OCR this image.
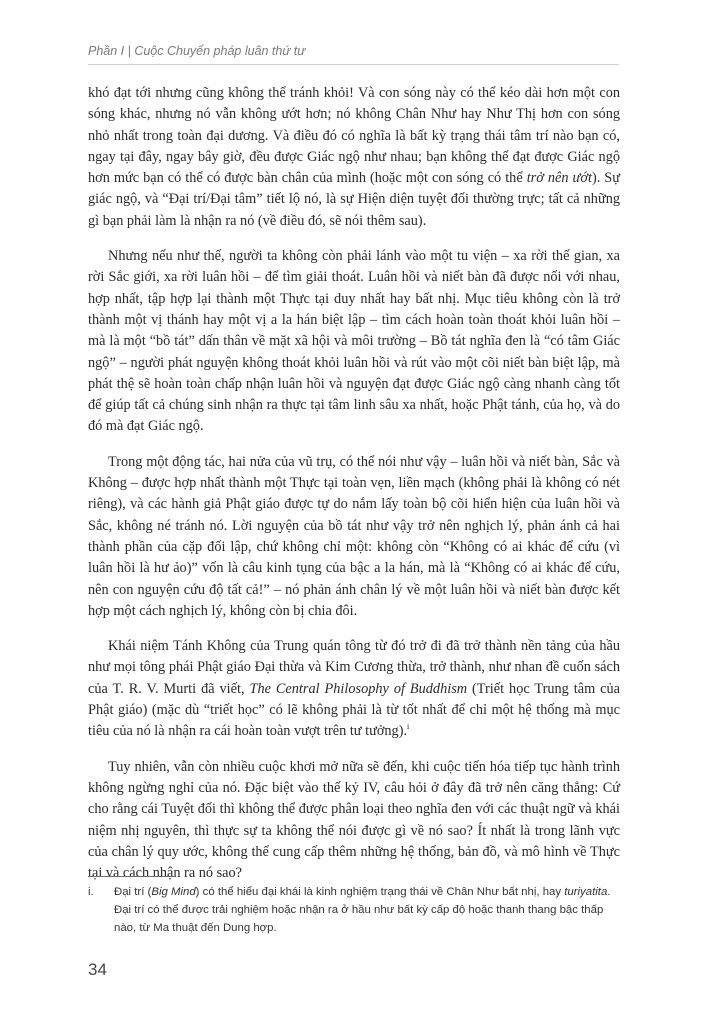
Phần I | Cuộc Chuyển pháp luân thứ tư

khó đạt tới nhưng cũng không thể tránh khỏi! Và con sóng này có thể kéo dài hơn một con sóng khác, nhưng nó vẫn không ướt hơn; nó không Chân Như hay Như Thị hơn con sóng nhỏ nhất trong toàn đại dương. Và điều đó có nghĩa là bất kỳ trạng thái tâm trí nào bạn có, ngay tại đây, ngay bây giờ, đều được Giác ngộ như nhau; bạn không thể đạt được Giác ngộ hơn mức bạn có thể có được bàn chân của mình (hoặc một con sóng có thể trở nên ướt). Sự giác ngộ, và “Đại trí/Đại tâm” tiết lộ nó, là sự Hiện diện tuyệt đối thường trực; tất cả những gì bạn phải làm là nhận ra nó (về điều đó, sẽ nói thêm sau).

Nhưng nếu như thế, người ta không còn phải lánh vào một tu viện – xa rời thế gian, xa rời Sắc giới, xa rời luân hồi – để tìm giải thoát. Luân hồi và niết bàn đã được nối với nhau, hợp nhất, tập hợp lại thành một Thực tại duy nhất hay bất nhị. Mục tiêu không còn là trở thành một vị thánh hay một vị a la hán biệt lập – tìm cách hoàn toàn thoát khỏi luân hồi – mà là một “bồ tát” dấn thân về mặt xã hội và môi trường – Bồ tát nghĩa đen là “có tâm Giác ngộ” – người phát nguyện không thoát khỏi luân hồi và rút vào một cõi niết bàn biệt lập, mà phát thệ sẽ hoàn toàn chấp nhận luân hồi và nguyện đạt được Giác ngộ càng nhanh càng tốt để giúp tất cả chúng sinh nhận ra thực tại tâm linh sâu xa nhất, hoặc Phật tánh, của họ, và do đó mà đạt Giác ngộ.

Trong một động tác, hai nửa của vũ trụ, có thể nói như vậy – luân hồi và niết bàn, Sắc và Không – được hợp nhất thành một Thực tại toàn vẹn, liền mạch (không phải là không có nét riêng), và các hành giả Phật giáo được tự do nắm lấy toàn bộ cõi hiển hiện của luân hồi và Sắc, không né tránh nó. Lời nguyện của bồ tát như vậy trở nên nghịch lý, phản ánh cả hai thành phần của cặp đối lập, chứ không chỉ một: không còn “Không có ai khác để cứu (vì luân hồi là hư ảo)” vốn là câu kinh tụng của bậc a la hán, mà là “Không có ai khác để cứu, nên con nguyện cứu độ tất cả!” – nó phản ánh chân lý về một luân hồi và niết bàn được kết hợp một cách nghịch lý, không còn bị chia đôi.

Khái niệm Tánh Không của Trung quán tông từ đó trở đi đã trở thành nền tảng của hầu như mọi tông phái Phật giáo Đại thừa và Kim Cương thừa, trở thành, như nhan đề cuốn sách của T. R. V. Murti đã viết, The Central Philosophy of Buddhism (Triết học Trung tâm của Phật giáo) (mặc dù “triết học” có lẽ không phải là từ tốt nhất để chỉ một hệ thống mà mục tiêu của nó là nhận ra cái hoàn toàn vượt trên tư tưởng).$^i$

Tuy nhiên, vẫn còn nhiều cuộc khơi mở nữa sẽ đến, khi cuộc tiến hóa tiếp tục hành trình không ngừng nghỉ của nó. Đặc biệt vào thế kỷ IV, câu hỏi ở đây đã trở nên căng thẳng: Cứ cho rằng cái Tuyệt đối thì không thể được phân loại theo nghĩa đen với các thuật ngữ và khái niệm nhị nguyên, thì thực sự ta không thể nói được gì về nó sao? Ít nhất là trong lãnh vực của chân lý quy ước, không thể cung cấp thêm những hệ thống, bản đồ, và mô hình về Thực tại và cách nhận ra nó sao?

i.	Đại trí (Big Mind) có thể hiểu đại khái là kinh nghiệm trạng thái về Chân Như bất nhị, hay turiyatita. Đại trí có thể được trải nghiệm hoặc nhận ra ở hầu như bất kỳ cấp độ hoặc thanh thang bậc thấp nào, từ Ma thuật đến Dung hợp.
34
